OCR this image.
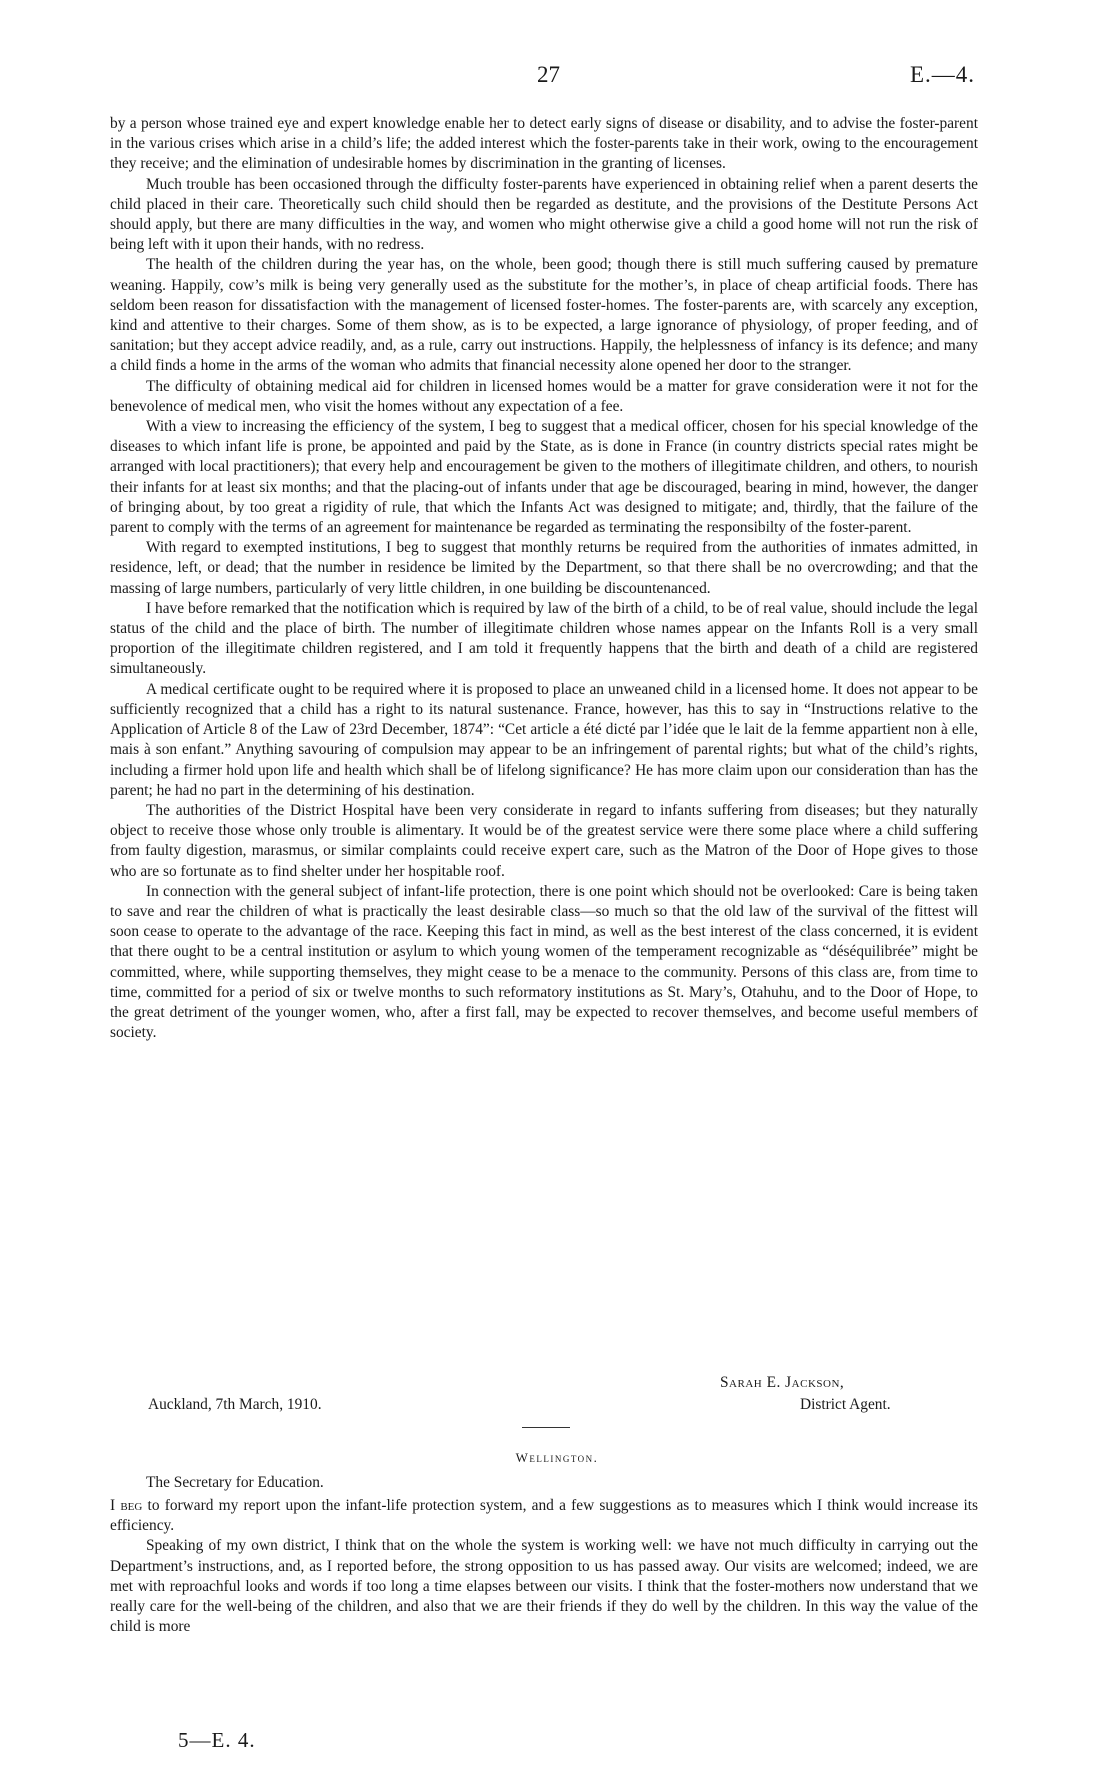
27	E.—4.

by a person whose trained eye and expert knowledge enable her to detect early signs of disease or disability, and to advise the foster-parent in the various crises which arise in a child’s life; the added interest which the foster-parents take in their work, owing to the encouragement they receive; and the elimination of undesirable homes by discrimination in the granting of licenses.

Much trouble has been occasioned through the difficulty foster-parents have experienced in obtaining relief when a parent deserts the child placed in their care. Theoretically such child should then be regarded as destitute, and the provisions of the Destitute Persons Act should apply, but there are many difficulties in the way, and women who might otherwise give a child a good home will not run the risk of being left with it upon their hands, with no redress.

The health of the children during the year has, on the whole, been good; though there is still much suffering caused by premature weaning. Happily, cow’s milk is being very generally used as the substitute for the mother’s, in place of cheap artificial foods. There has seldom been reason for dissatisfaction with the management of licensed foster-homes. The foster-parents are, with scarcely any exception, kind and attentive to their charges. Some of them show, as is to be expected, a large ignorance of physiology, of proper feeding, and of sanitation; but they accept advice readily, and, as a rule, carry out instructions. Happily, the helplessness of infancy is its defence; and many a child finds a home in the arms of the woman who admits that financial necessity alone opened her door to the stranger.

The difficulty of obtaining medical aid for children in licensed homes would be a matter for grave consideration were it not for the benevolence of medical men, who visit the homes without any expectation of a fee.

With a view to increasing the efficiency of the system, I beg to suggest that a medical officer, chosen for his special knowledge of the diseases to which infant life is prone, be appointed and paid by the State, as is done in France (in country districts special rates might be arranged with local practitioners); that every help and encouragement be given to the mothers of illegitimate children, and others, to nourish their infants for at least six months; and that the placing-out of infants under that age be discouraged, bearing in mind, however, the danger of bringing about, by too great a rigidity of rule, that which the Infants Act was designed to mitigate; and, thirdly, that the failure of the parent to comply with the terms of an agreement for maintenance be regarded as terminating the responsibilty of the foster-parent.

With regard to exempted institutions, I beg to suggest that monthly returns be required from the authorities of inmates admitted, in residence, left, or dead; that the number in residence be limited by the Department, so that there shall be no overcrowding; and that the massing of large numbers, particularly of very little children, in one building be discountenanced.

I have before remarked that the notification which is required by law of the birth of a child, to be of real value, should include the legal status of the child and the place of birth. The number of illegitimate children whose names appear on the Infants Roll is a very small proportion of the illegitimate children registered, and I am told it frequently happens that the birth and death of a child are registered simultaneously.

A medical certificate ought to be required where it is proposed to place an unweaned child in a licensed home. It does not appear to be sufficiently recognized that a child has a right to its natural sustenance. France, however, has this to say in “Instructions relative to the Application of Article 8 of the Law of 23rd December, 1874”: “Cet article a été dicté par l’idée que le lait de la femme appartient non à elle, mais à son enfant.” Anything savouring of compulsion may appear to be an infringement of parental rights; but what of the child’s rights, including a firmer hold upon life and health which shall be of lifelong significance? He has more claim upon our consideration than has the parent; he had no part in the determining of his destination.

The authorities of the District Hospital have been very considerate in regard to infants suffering from diseases; but they naturally object to receive those whose only trouble is alimentary. It would be of the greatest service were there some place where a child suffering from faulty digestion, marasmus, or similar complaints could receive expert care, such as the Matron of the Door of Hope gives to those who are so fortunate as to find shelter under her hospitable roof.

In connection with the general subject of infant-life protection, there is one point which should not be overlooked: Care is being taken to save and rear the children of what is practically the least desirable class—so much so that the old law of the survival of the fittest will soon cease to operate to the advantage of the race. Keeping this fact in mind, as well as the best interest of the class concerned, it is evident that there ought to be a central institution or asylum to which young women of the temperament recognizable as “déséquilibrée” might be committed, where, while supporting themselves, they might cease to be a menace to the community. Persons of this class are, from time to time, committed for a period of six or twelve months to such reformatory institutions as St. Mary’s, Otahuhu, and to the Door of Hope, to the great detriment of the younger women, who, after a first fall, may be expected to recover themselves, and become useful members of society.

Sarah E. Jackson,
District Agent.
Auckland, 7th March, 1910.
Wellington.
The Secretary for Education.

I beg to forward my report upon the infant-life protection system, and a few suggestions as to measures which I think would increase its efficiency.

Speaking of my own district, I think that on the whole the system is working well: we have not much difficulty in carrying out the Department’s instructions, and, as I reported before, the strong opposition to us has passed away. Our visits are welcomed; indeed, we are met with reproachful looks and words if too long a time elapses between our visits. I think that the foster-mothers now understand that we really care for the well-being of the children, and also that we are their friends if they do well by the children. In this way the value of the child is more

5—E. 4.
